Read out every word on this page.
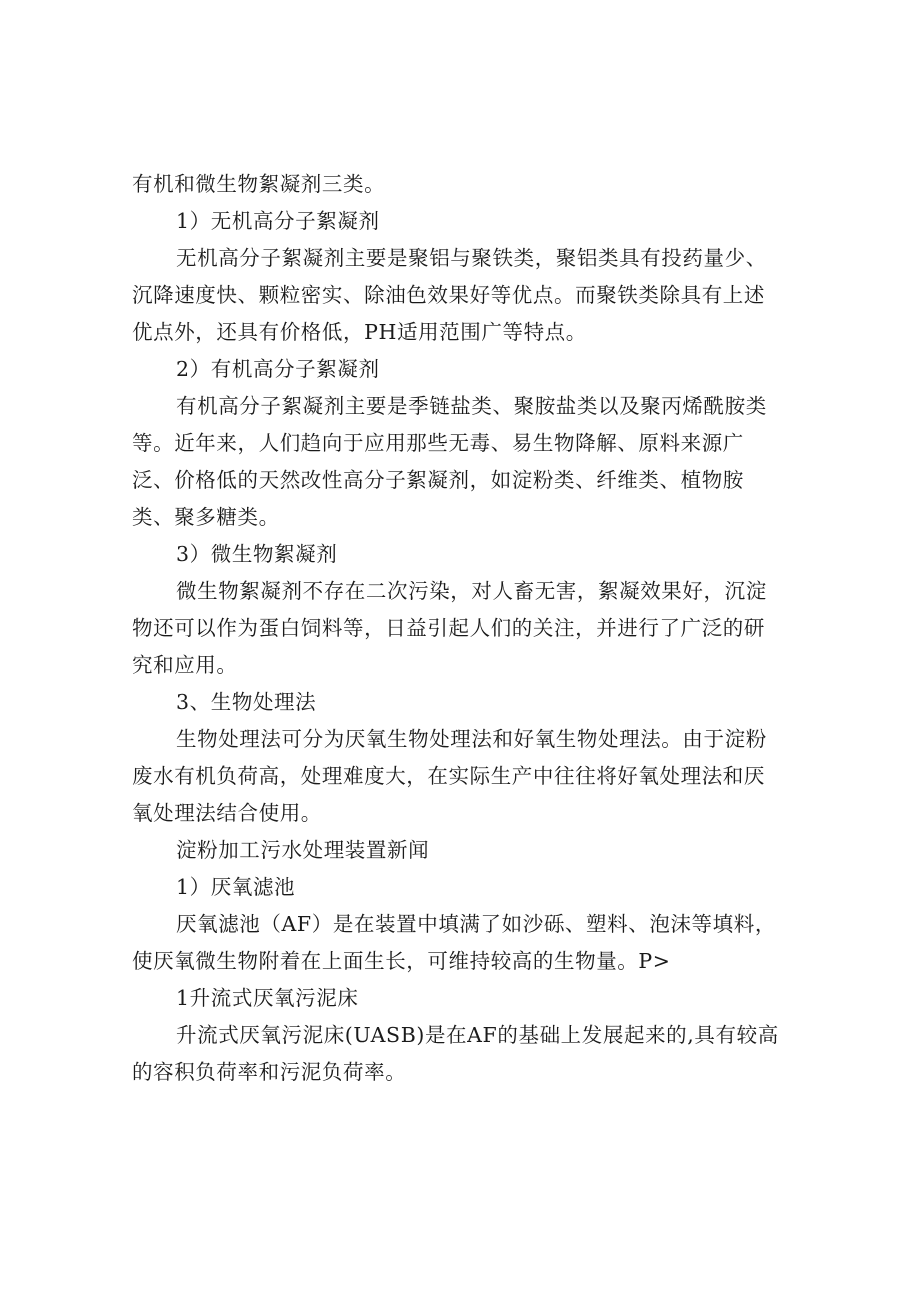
有机和微生物絮凝剂三类。
1）无机高分子絮凝剂
无机高分子絮凝剂主要是聚铝与聚铁类，聚铝类具有投药量少、
沉降速度快、颗粒密实、除油色效果好等优点。而聚铁类除具有上述
优点外，还具有价格低，PH适用范围广等特点。
2）有机高分子絮凝剂
有机高分子絮凝剂主要是季链盐类、聚胺盐类以及聚丙烯酰胺类
等。近年来，人们趋向于应用那些无毒、易生物降解、原料来源广
泛、价格低的天然改性高分子絮凝剂，如淀粉类、纤维类、植物胺
类、聚多糖类。
3）微生物絮凝剂
微生物絮凝剂不存在二次污染，对人畜无害，絮凝效果好，沉淀
物还可以作为蛋白饲料等，日益引起人们的关注，并进行了广泛的研
究和应用。
3、生物处理法
生物处理法可分为厌氧生物处理法和好氧生物处理法。由于淀粉
废水有机负荷高，处理难度大，在实际生产中往往将好氧处理法和厌
氧处理法结合使用。
淀粉加工污水处理装置新闻
1）厌氧滤池
厌氧滤池（AF）是在装置中填满了如沙砾、塑料、泡沫等填料，
使厌氧微生物附着在上面生长，可维持较高的生物量。P>
1升流式厌氧污泥床
升流式厌氧污泥床(UASB)是在AF的基础上发展起来的,具有较高
的容积负荷率和污泥负荷率。
